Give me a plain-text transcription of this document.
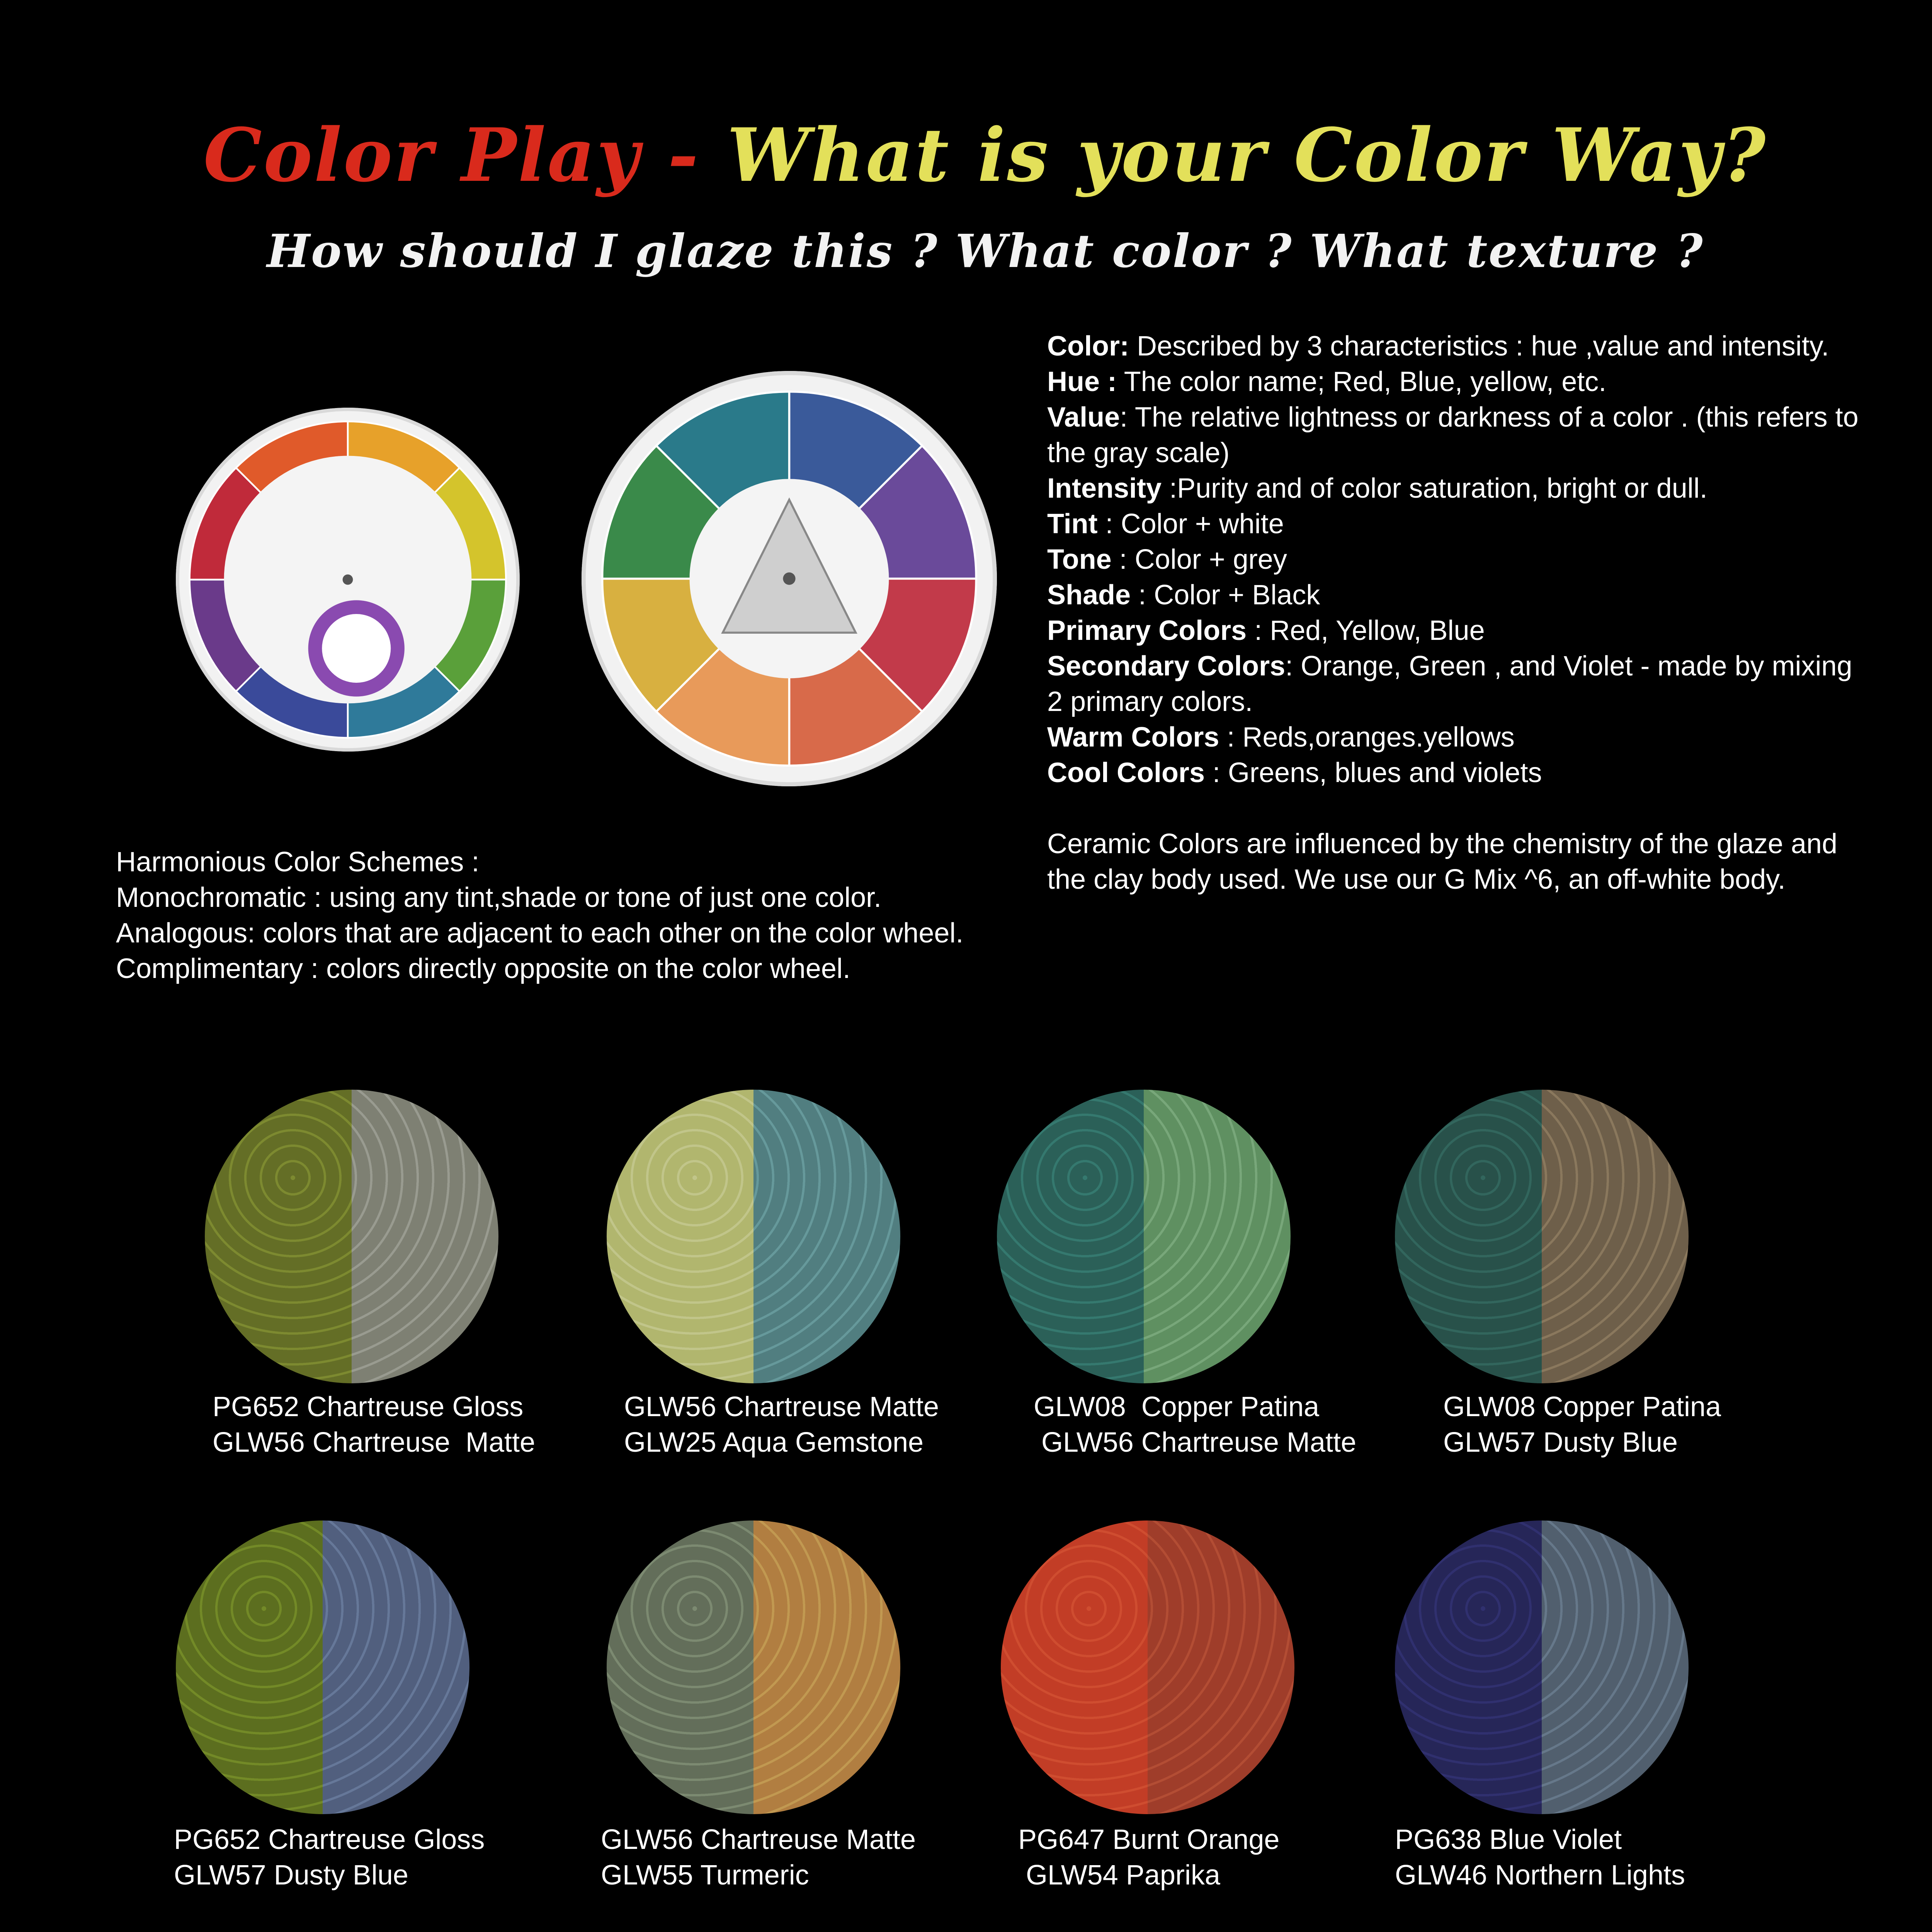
Color Play - What is your Color Way?
How should I glaze this ? What color ? What texture ?

Color: Described by 3 characteristics : hue ,value and intensity.

Hue : The color name; Red, Blue, yellow, etc.

Value: The relative lightness or darkness of a color . (this refers to the gray scale)

Intensity :Purity and of color saturation, bright or dull.

Tint : Color + white

Tone : Color + grey

Shade : Color + Black

Primary Colors : Red, Yellow, Blue

Secondary Colors: Orange, Green , and Violet - made by mixing 2 primary colors.

Warm Colors : Reds,oranges.yellows

Cool Colors : Greens, blues and violets

Ceramic Colors are influenced by the chemistry of the glaze and the clay body used. We use our G Mix ^6, an off-white body.

Harmonious Color Schemes :

Monochromatic : using any tint,shade or tone of just one color.

Analogous: colors that are adjacent to each other on the color wheel.

Complimentary : colors directly opposite on the color wheel.

PG652 Chartreuse Gloss
GLW56 Chartreuse  Matte
GLW56 Chartreuse Matte
GLW25 Aqua Gemstone
GLW08  Copper Patina
GLW56 Chartreuse Matte
GLW08 Copper Patina
GLW57 Dusty Blue
PG652 Chartreuse Gloss
GLW57 Dusty Blue
GLW56 Chartreuse Matte
GLW55 Turmeric
PG647 Burnt Orange
GLW54 Paprika
PG638 Blue Violet
GLW46 Northern Lights
